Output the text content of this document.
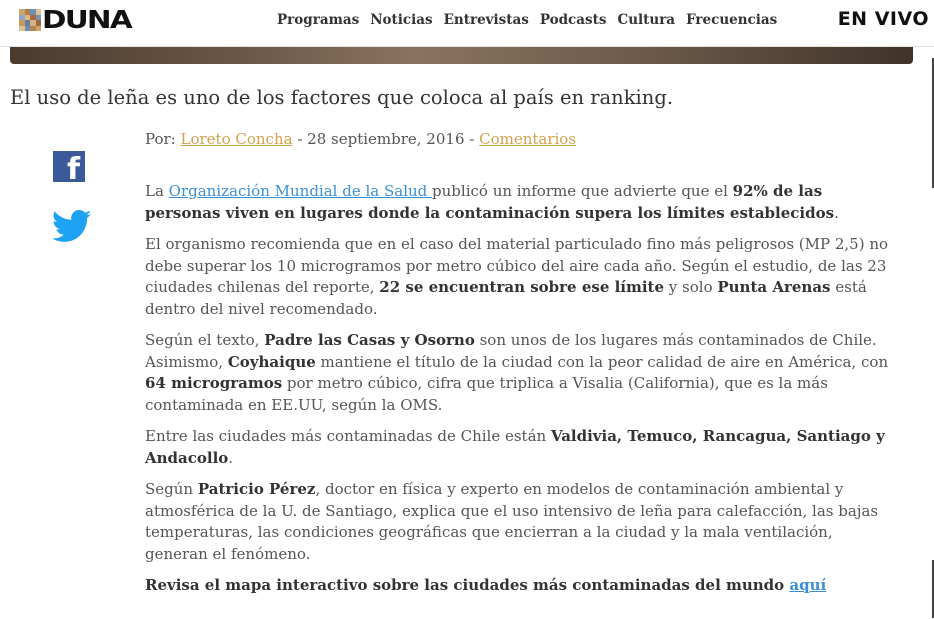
DUNA	Programas Noticias Entrevistas Podcasts Cultura Frecuencias	EN VIVO
El uso de leña es uno de los factores que coloca al país en ranking.
f
Por: Loreto Concha - 28 septiembre, 2016 - Comentarios

La Organización Mundial de la Salud publicó un informe que advierte que el 92% de las personas viven en lugares donde la contaminación supera los límites establecidos.

El organismo recomienda que en el caso del material particulado fino más peligrosos (MP 2,5) no debe superar los 10 microgramos por metro cúbico del aire cada año. Según el estudio, de las 23 ciudades chilenas del reporte, 22 se encuentran sobre ese límite y solo Punta Arenas está dentro del nivel recomendado.

Según el texto, Padre las Casas y Osorno son unos de los lugares más contaminados de Chile. Asimismo, Coyhaique mantiene el título de la ciudad con la peor calidad de aire en América, con 64 microgramos por metro cúbico, cifra que triplica a Visalia (California), que es la más contaminada en EE.UU, según la OMS.

Entre las ciudades más contaminadas de Chile están Valdivia, Temuco, Rancagua, Santiago y Andacollo.

Según Patricio Pérez, doctor en física y experto en modelos de contaminación ambiental y atmosférica de la U. de Santiago, explica que el uso intensivo de leña para calefacción, las bajas temperaturas, las condiciones geográficas que encierran a la ciudad y la mala ventilación, generan el fenómeno.

Revisa el mapa interactivo sobre las ciudades más contaminadas del mundo aquí
